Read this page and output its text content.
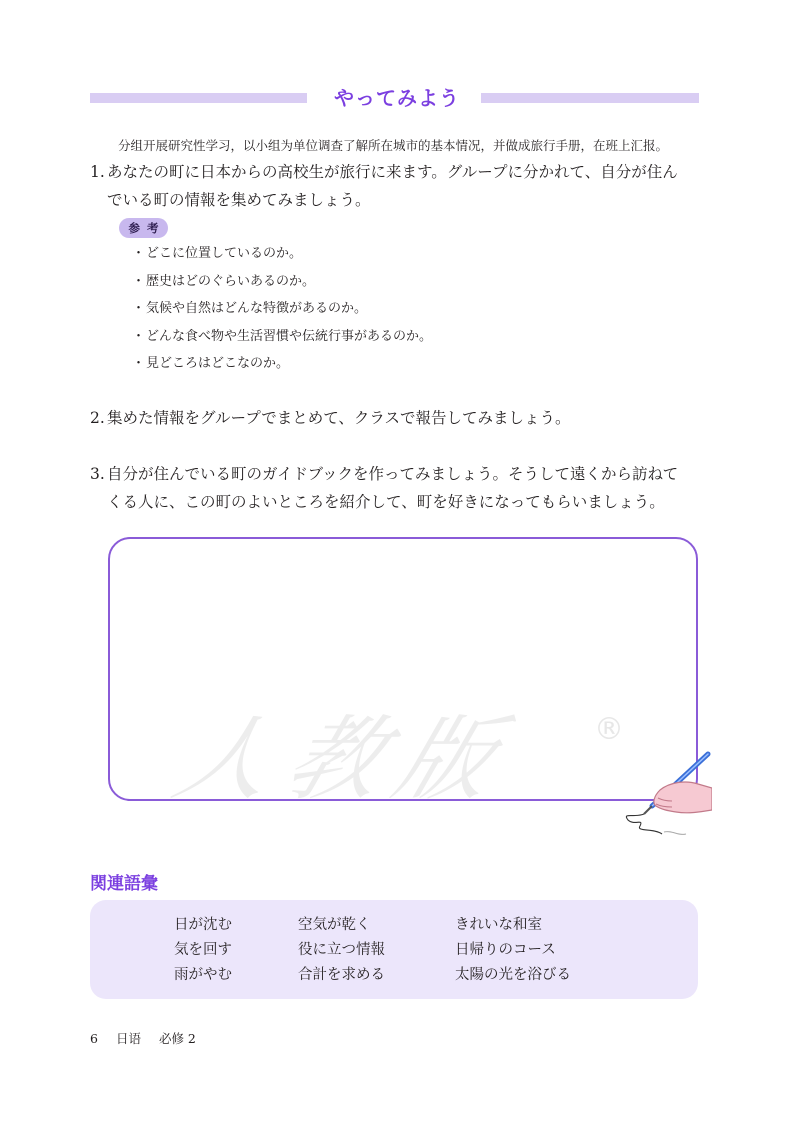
やってみよう
分组开展研究性学习，以小组为单位调查了解所在城市的基本情况，并做成旅行手册，在班上汇报。
1. あなたの町に日本からの高校生が旅行に来ます。グループに分かれて、自分が住ん
でいる町の情報を集めてみましょう。
参考
・どこに位置しているのか。
・歴史はどのぐらいあるのか。
・気候や自然はどんな特徴があるのか。
・どんな食べ物や生活習慣や伝統行事があるのか。
・見どころはどこなのか。
2. 集めた情報をグループでまとめて、クラスで報告してみましょう。
3. 自分が住んでいる町のガイドブックを作ってみましょう。そうして遠くから訪ねて
くる人に、この町のよいところを紹介して、町を好きになってもらいましょう。
人教版	®
関連語彙
日が沈む
気を回す
雨がやむ
空気が乾く
役に立つ情報
合計を求める
きれいな和室
日帰りのコース
太陽の光を浴びる
6 日语 必修 2
